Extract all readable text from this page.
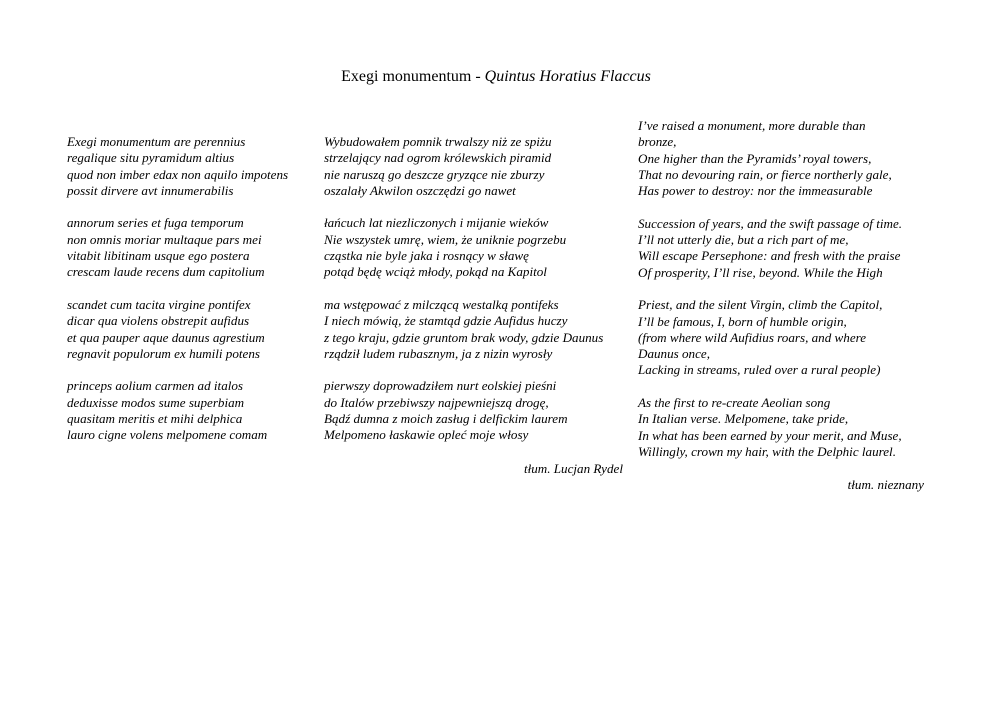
Exegi monumentum - Quintus Horatius Flaccus
Exegi monumentum are perennius
regalique situ pyramidum altius
quod non imber edax non aquilo impotens
possit dirvere avt innumerabilis
annorum series et fuga temporum
non omnis moriar multaque pars mei
vitabit libitinam usque ego postera
crescam laude recens dum capitolium
scandet cum tacita virgine pontifex
dicar qua violens obstrepit aufidus
et qua pauper aque daunus agrestium
regnavit populorum ex humili potens
princeps aolium carmen ad italos
deduxisse modos sume superbiam
quasitam meritis et mihi delphica
lauro cigne volens melpomene comam
Wybudowałem pomnik trwalszy niż ze spiżu
strzelający nad ogrom królewskich piramid
nie naruszą go deszcze gryzące nie zburzy
oszalały Akwilon oszczędzi go nawet
łańcuch lat niezliczonych i mijanie wieków
Nie wszystek umrę, wiem, że uniknie pogrzebu
cząstka nie byle jaka i rosnący w sławę
potąd będę wciąż młody, pokąd na Kapitol
ma wstępować z milczącą westalką pontifeks
I niech mówią, że stamtąd gdzie Aufidus huczy
z tego kraju, gdzie gruntom brak wody, gdzie Daunus
rządził ludem rubasznym, ja z nizin wyrosły
pierwszy doprowadziłem nurt eolskiej pieśni
do Italów przebiwszy najpewniejszą drogę,
Bądź dumna z moich zasług i delfickim laurem
Melpomeno łaskawie opleć moje włosy
tłum. Lucjan Rydel
I’ve raised a monument, more durable than
bronze,
One higher than the Pyramids’ royal towers,
That no devouring rain, or fierce northerly gale,
Has power to destroy: nor the immeasurable
Succession of years, and the swift passage of time.
I’ll not utterly die, but a rich part of me,
Will escape Persephone: and fresh with the praise
Of prosperity, I’ll rise, beyond. While the High
Priest, and the silent Virgin, climb the Capitol,
I’ll be famous, I, born of humble origin,
(from where wild Aufidius roars, and where
Daunus once,
Lacking in streams, ruled over a rural people)
As the first to re-create Aeolian song
In Italian verse. Melpomene, take pride,
In what has been earned by your merit, and Muse,
Willingly, crown my hair, with the Delphic laurel.
tłum. nieznany
